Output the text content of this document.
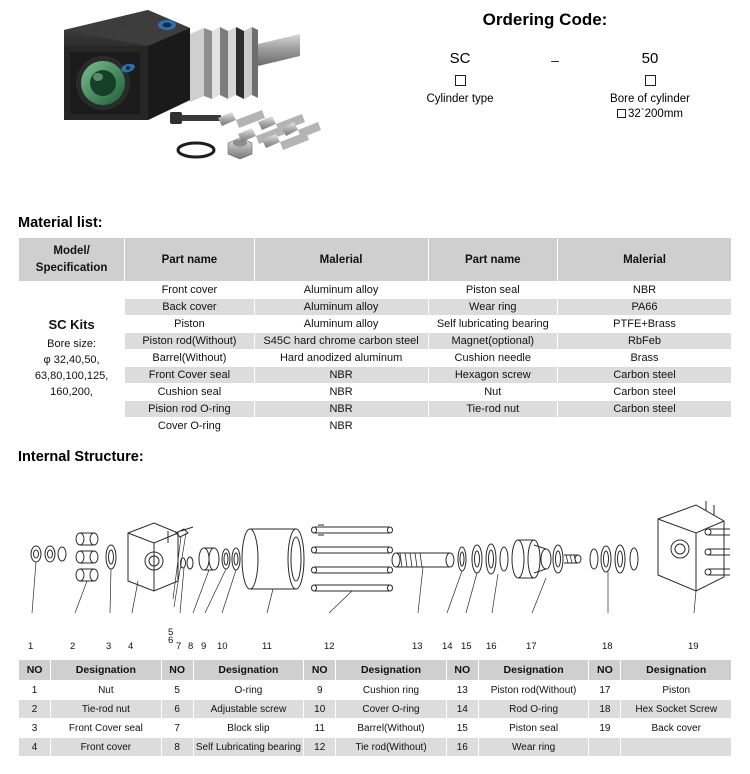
Ordering Code:
SC
Cylinder type
–	50
Bore of cylinder
32`200mm
Material list:
Model/
Specification	Part name	Malerial	Part name	Malerial

SC Kits
Bore size:
φ 32,40,50,
63,80,100,125,
160,200,	Front cover	Aluminum alloy	Piston seal	NBR
	Back cover	Aluminum alloy	Wear ring	PA66
	Piston	Aluminum alloy	Self lubricating bearing	PTFE+Brass
	Piston rod(Without)	S45C hard chrome carbon steel	Magnet(optional)	RbFeb
	Barrel(Without)	Hard anodized aluminum	Cushion needle	Brass
	Front Cover seal	NBR	Hexagon screw	Carbon steel
	Cushion seal	NBR	Nut	Carbon steel
	Pision rod O-ring	NBR	Tie-rod nut	Carbon steel
	Cover O-ring	NBR		
Internal Structure:
1	2	3 4
5
6
7 8 9 10	11	12	13 14 15 16	17	18	19
NO	Designation	NO	Designation	NO	Designation	NO	Designation	NO	Designation
1	Nut	5	O-ring	9	Cushion ring	13	Piston rod(Without)	17	Piston
2	Tie-rod nut	6	Adjustable screw	10	Cover O-ring	14	Rod O-ring	18	Hex Socket Screw
3	Front Cover seal	7	Block slip	11	Barrel(Without)	15	Piston seal	19	Back cover
4	Front cover	8	Self Lubricating bearing	12	Tie rod(Without)	16	Wear ring		
